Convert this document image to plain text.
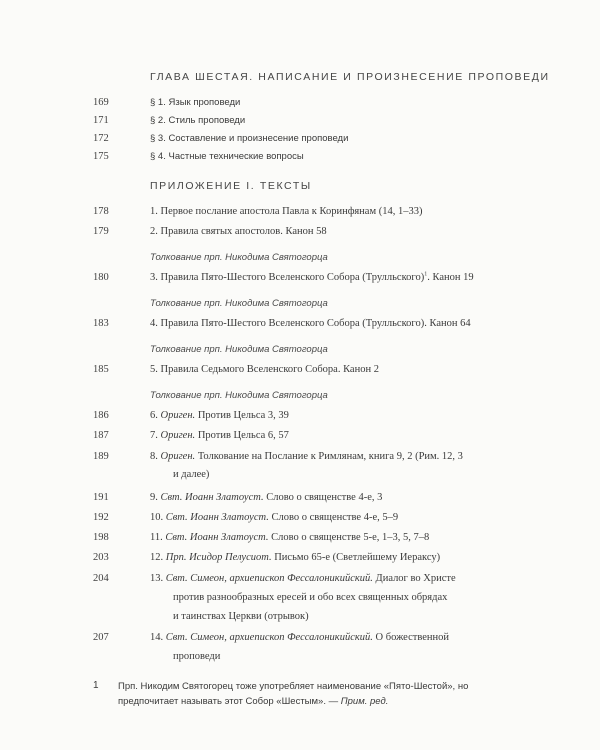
ГЛАВА ШЕСТАЯ. НАПИСАНИЕ И ПРОИЗНЕСЕНИЕ ПРОПОВЕДИ
169	§ 1. Язык проповеди
171	§ 2. Стиль проповеди
172	§ 3. Составление и произнесение проповеди
175	§ 4. Частные технические вопросы
ПРИЛОЖЕНИЕ I. ТЕКСТЫ
178	1. Первое послание апостола Павла к Коринфянам (14, 1–33)
179	2. Правила святых апостолов. Канон 58
Толкование прп. Никодима Святогорца
180	3. Правила Пято-Шестого Вселенского Собора (Трулльского)$^1$. Канон 19
Толкование прп. Никодима Святогорца
183	4. Правила Пято-Шестого Вселенского Собора (Трулльского). Канон 64
Толкование прп. Никодима Святогорца
185	5. Правила Седьмого Вселенского Собора. Канон 2
Толкование прп. Никодима Святогорца
186	6. Ориген. Против Цельса 3, 39
187	7. Ориген. Против Цельса 6, 57
189	8. Ориген. Толкование на Послание к Римлянам, книга 9, 2 (Рим. 12, 3
и далее)
191	9. Свт. Иоанн Златоуст. Слово о священстве 4-е, 3
192	10. Свт. Иоанн Златоуст. Слово о священстве 4-е, 5–9
198	11. Свт. Иоанн Златоуст. Слово о священстве 5-е, 1–3, 5, 7–8
203	12. Прп. Исидор Пелусиот. Письмо 65-е (Светлейшему Иераксу)
204	13. Свт. Симеон, архиепископ Фессалоникийский. Диалог во Христе
против разнообразных ересей и обо всех священных обрядах
и таинствах Церкви (отрывок)
207	14. Свт. Симеон, архиепископ Фессалоникийский. О божественной
проповеди
1 Прп. Никодим Святогорец тоже употребляет наименование «Пято-Шестой», но предпочитает называть этот Собор «Шестым». — Прим. ред.
